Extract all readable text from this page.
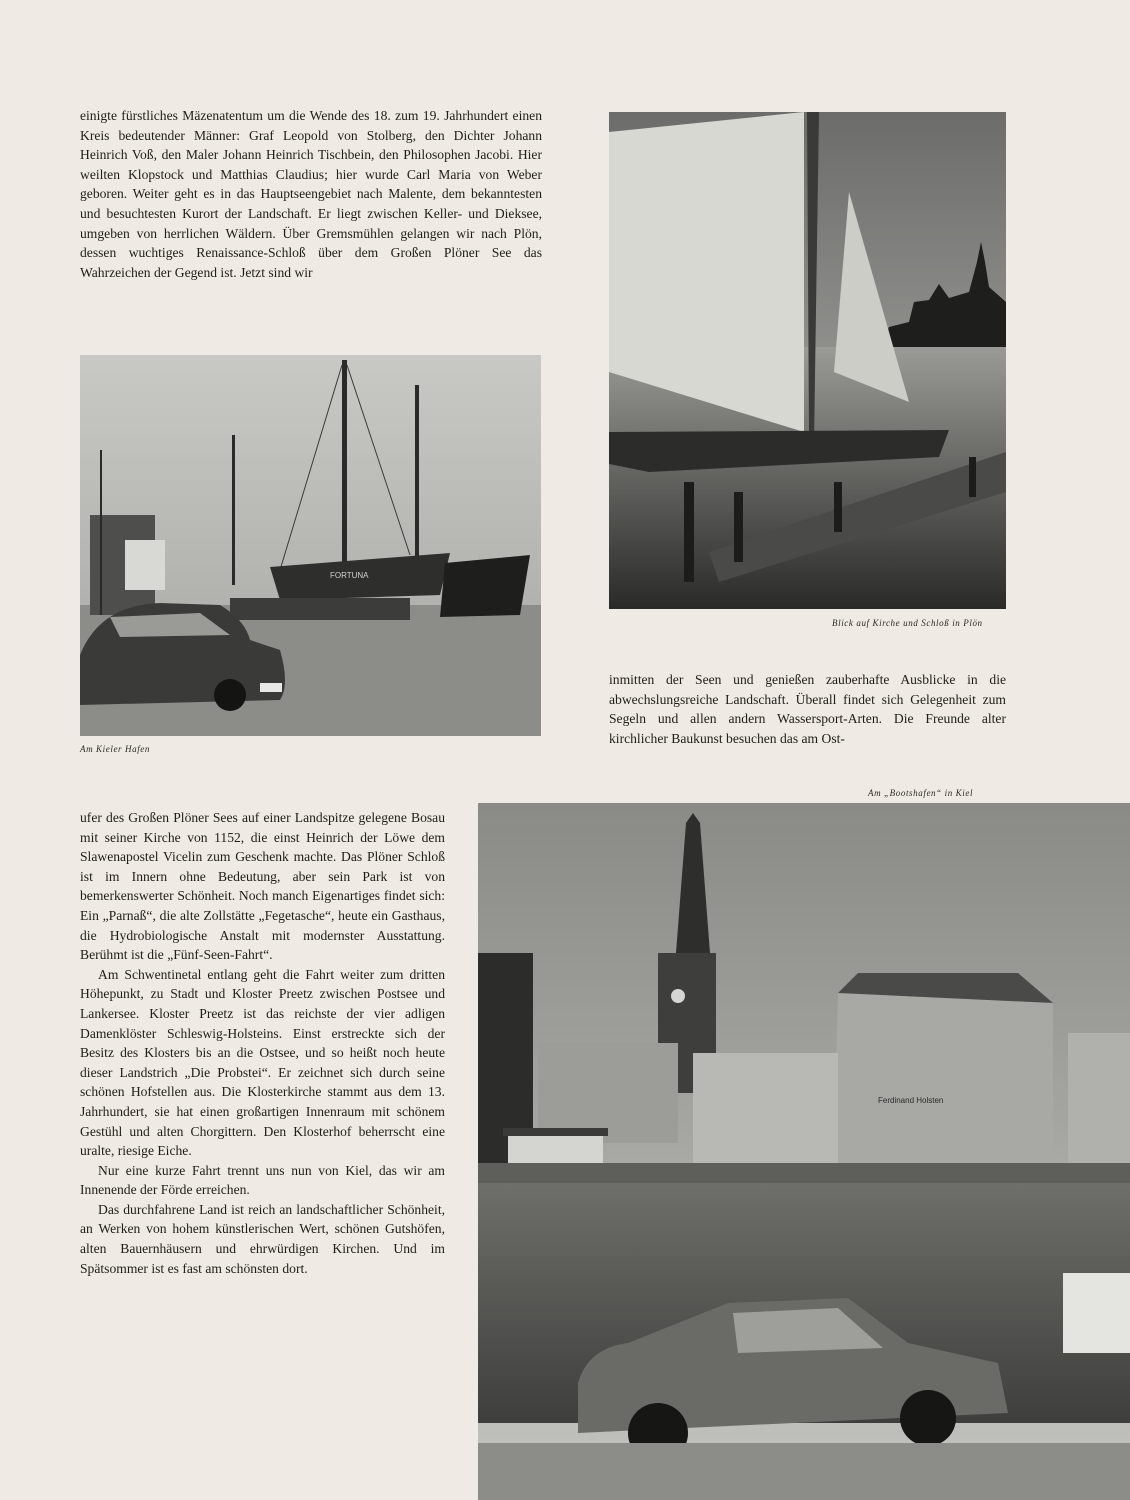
einigte fürstliches Mäzenatentum um die Wende des 18. zum 19. Jahrhundert einen Kreis bedeutender Männer: Graf Leopold von Stolberg, den Dichter Johann Heinrich Voß, den Maler Johann Heinrich Tischbein, den Philosophen Jacobi. Hier weilten Klopstock und Matthias Claudius; hier wurde Carl Maria von Weber geboren. Weiter geht es in das Hauptseengebiet nach Malente, dem bekanntesten und besuchtesten Kurort der Landschaft. Er liegt zwischen Keller- und Dieksee, umgeben von herrlichen Wäldern. Über Gremsmühlen gelangen wir nach Plön, dessen wuchtiges Renaissance-Schloß über dem Großen Plöner See das Wahrzeichen der Gegend ist. Jetzt sind wir

FORTUNA
Am Kieler Hafen
Blick auf Kirche und Schloß in Plön

inmitten der Seen und genießen zauberhafte Ausblicke in die abwechslungsreiche Landschaft. Überall findet sich Gelegenheit zum Segeln und allen andern Wassersport-Arten. Die Freunde alter kirchlicher Baukunst besuchen das am Ost-

Am „Bootshafen“ in Kiel

ufer des Großen Plöner Sees auf einer Landspitze gelegene Bosau mit seiner Kirche von 1152, die einst Heinrich der Löwe dem Slawenapostel Vicelin zum Geschenk machte. Das Plöner Schloß ist im Innern ohne Bedeutung, aber sein Park ist von bemerkenswerter Schönheit. Noch manch Eigenartiges findet sich: Ein „Parnaß“, die alte Zollstätte „Fegetasche“, heute ein Gasthaus, die Hydrobiologische Anstalt mit modernster Ausstattung. Berühmt ist die „Fünf-Seen-Fahrt“.

Am Schwentinetal entlang geht die Fahrt weiter zum dritten Höhepunkt, zu Stadt und Kloster Preetz zwischen Postsee und Lankersee. Kloster Preetz ist das reichste der vier adligen Damenklöster Schleswig-Holsteins. Einst erstreckte sich der Besitz des Klosters bis an die Ostsee, und so heißt noch heute dieser Landstrich „Die Probstei“. Er zeichnet sich durch seine schönen Hofstellen aus. Die Klosterkirche stammt aus dem 13. Jahrhundert, sie hat einen großartigen Innenraum mit schönem Gestühl und alten Chorgittern. Den Klosterhof beherrscht eine uralte, riesige Eiche.

Nur eine kurze Fahrt trennt uns nun von Kiel, das wir am Innenende der Förde erreichen.

Das durchfahrene Land ist reich an landschaftlicher Schönheit, an Werken von hohem künstlerischen Wert, schönen Gutshöfen, alten Bauernhäusern und ehrwürdigen Kirchen. Und im Spätsommer ist es fast am schönsten dort.

Ferdinand Holsten
